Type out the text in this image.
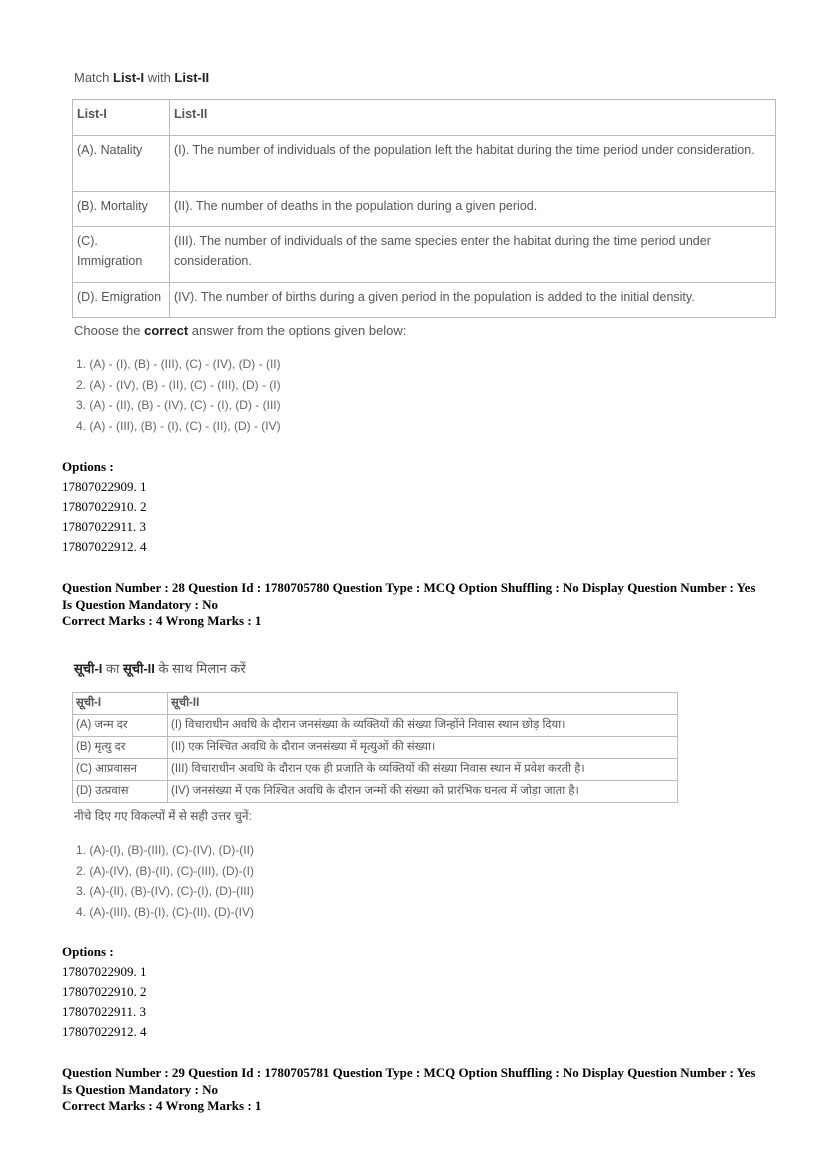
Match List-I with List-II
List-I	List-II
(A). Natality	(I). The number of individuals of the population left the habitat during the time period under consideration.
(B). Mortality	(II). The number of deaths in the population during a given period.
(C). Immigration	(III). The number of individuals of the same species enter the habitat during the time period under consideration.
(D). Emigration	(IV). The number of births during a given period in the population is added to the initial density.
Choose the correct answer from the options given below:
1. (A) - (I), (B) - (III), (C) - (IV), (D) - (II)
2. (A) - (IV), (B) - (II), (C) - (III), (D) - (I)
3. (A) - (II), (B) - (IV), (C) - (I), (D) - (III)
4. (A) - (III), (B) - (I), (C) - (II), (D) - (IV)
Options :
17807022909. 1
17807022910. 2
17807022911. 3
17807022912. 4
Question Number : 28 Question Id : 1780705780 Question Type : MCQ Option Shuffling : No Display Question Number : Yes
Is Question Mandatory : No
Correct Marks : 4 Wrong Marks : 1
सूची-I का सूची-II के साथ मिलान करें
सूची-I	सूची-II
(A) जन्म दर	(I) विचाराधीन अवधि के दौरान जनसंख्या के व्यक्तियों की संख्या जिन्होंने निवास स्थान छोड़ दिया।
(B) मृत्यु दर	(II) एक निश्चित अवधि के दौरान जनसंख्या में मृत्युओं की संख्या।
(C) आप्रवासन	(III) विचाराधीन अवधि के दौरान एक ही प्रजाति के व्यक्तियों की संख्या निवास स्थान में प्रवेश करती है।
(D) उत्प्रवास	(IV) जनसंख्या में एक निश्चित अवधि के दौरान जन्मों की संख्या को प्रारंभिक घनत्व में जोड़ा जाता है।
नीचे दिए गए विकल्पों में से सही उत्तर चुनें:
1. (A)-(I), (B)-(III), (C)-(IV), (D)-(II)
2. (A)-(IV), (B)-(II), (C)-(III), (D)-(I)
3. (A)-(II), (B)-(IV), (C)-(I), (D)-(III)
4. (A)-(III), (B)-(I), (C)-(II), (D)-(IV)
Options :
17807022909. 1
17807022910. 2
17807022911. 3
17807022912. 4
Question Number : 29 Question Id : 1780705781 Question Type : MCQ Option Shuffling : No Display Question Number : Yes
Is Question Mandatory : No
Correct Marks : 4 Wrong Marks : 1
